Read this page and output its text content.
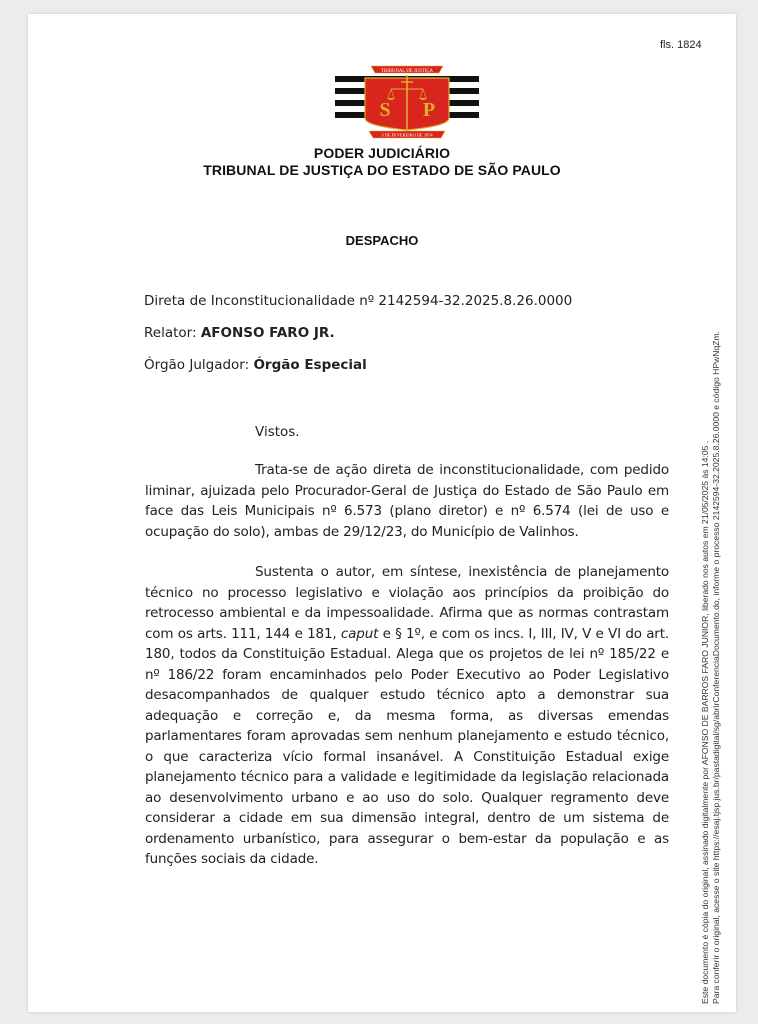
fls. 1824
TRIBUNAL DE JUSTIÇA
S P
3 DE FEVEREIRO DE 1874
PODER JUDICIÁRIO
TRIBUNAL DE JUSTIÇA DO ESTADO DE SÃO PAULO
DESPACHO
Direta de Inconstitucionalidade nº 2142594-32.2025.8.26.0000
Relator: AFONSO FARO JR.
Órgão Julgador: Órgão Especial
Vistos.

Trata-se de ação direta de inconstitucionalidade, com pedido liminar, ajuizada pelo Procurador-Geral de Justiça do Estado de São Paulo em face das Leis Municipais nº 6.573 (plano diretor) e nº 6.574 (lei de uso e ocupação do solo), ambas de 29/12/23, do Município de Valinhos.

Sustenta o autor, em síntese, inexistência de planejamento técnico no processo legislativo e violação aos princípios da proibição do retrocesso ambiental e da impessoalidade. Afirma que as normas contrastam com os arts. 111, 144 e 181, caput e § 1º, e com os incs. I, III, IV, V e VI do art. 180, todos da Constituição Estadual. Alega que os projetos de lei nº 185/22 e nº 186/22 foram encaminhados pelo Poder Executivo ao Poder Legislativo desacompanhados de qualquer estudo técnico apto a demonstrar sua adequação e correção e, da mesma forma, as diversas emendas parlamentares foram aprovadas sem nenhum planejamento e estudo técnico, o que caracteriza vício formal insanável. A Constituição Estadual exige planejamento técnico para a validade e legitimidade da legislação relacionada ao desenvolvimento urbano e ao uso do solo. Qualquer regramento deve considerar a cidade em sua dimensão integral, dentro de um sistema de ordenamento urbanístico, para assegurar o bem-estar da população e as funções sociais da cidade.	Este documento é cópia do original, assinado digitalmente por AFONSO DE BARROS FARO JUNIOR, liberado nos autos em 21/05/2025 às 14:05 . Para conferir o original, acesse o site https://esaj.tjsp.jus.br/pastadigital/sg/abrirConferenciaDocumento.do, informe o processo 2142594-32.2025.8.26.0000 e código HPwNqZm.
